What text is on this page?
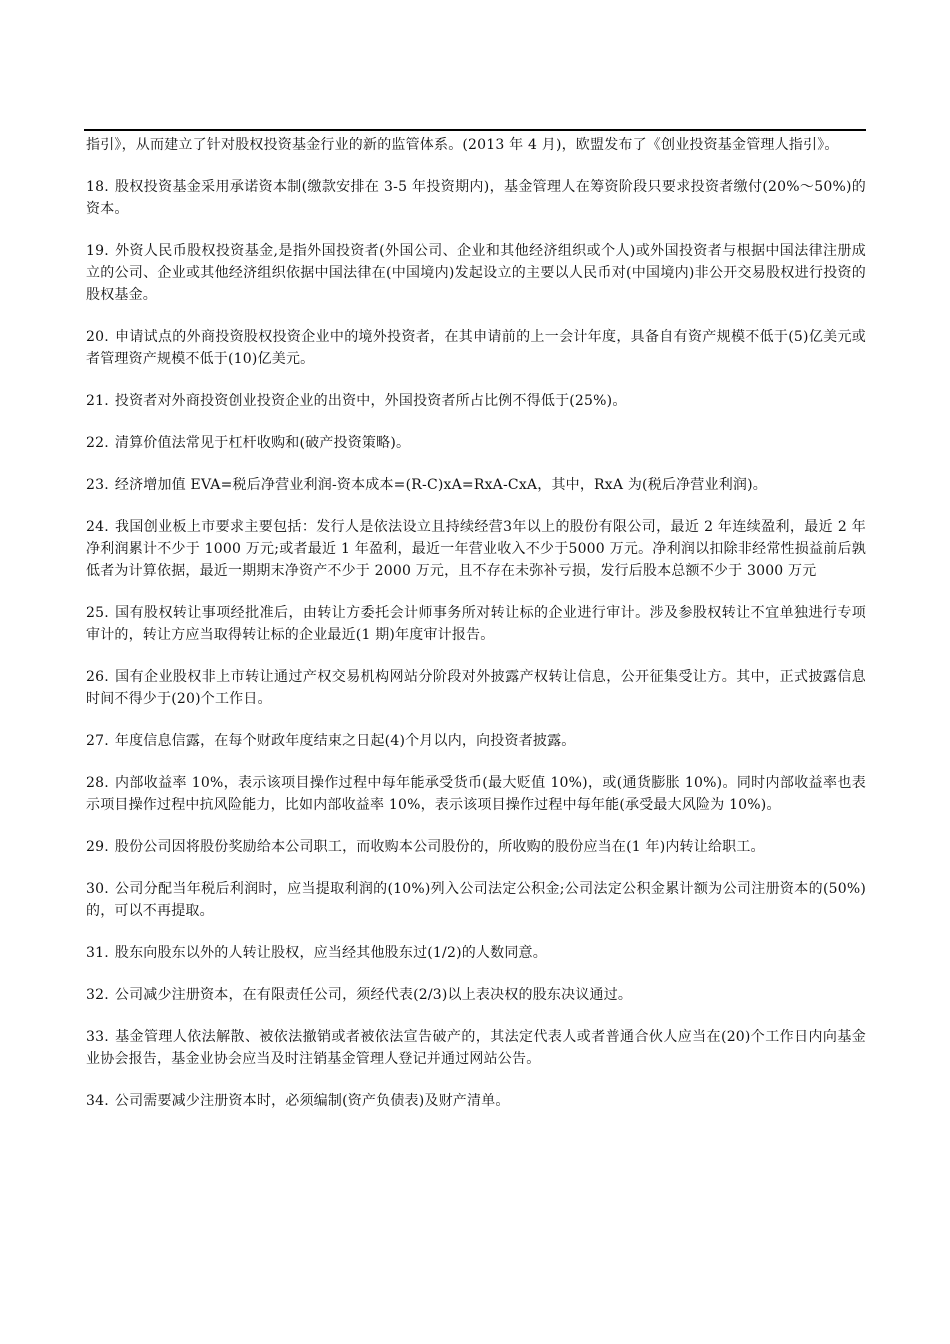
指引》，从而建立了针对股权投资基金行业的新的监管体系。(2013 年 4 月)，欧盟发布了《创业投资基金管理人指引》。

18. 股权投资基金采用承诺资本制(缴款安排在 3-5 年投资期内)，基金管理人在筹资阶段只要求投资者缴付(20%～50%)的资本。

19. 外资人民币股权投资基金,是指外国投资者(外国公司、企业和其他经济组织或个人)或外国投资者与根据中国法律注册成立的公司、企业或其他经济组织依据中国法律在(中国境内)发起设立的主要以人民币对(中国境内)非公开交易股权进行投资的股权基金。

20. 申请试点的外商投资股权投资企业中的境外投资者，在其申请前的上一会计年度，具备自有资产规模不低于(5)亿美元或者管理资产规模不低于(10)亿美元。

21. 投资者对外商投资创业投资企业的出资中，外国投资者所占比例不得低于(25%)。

22. 清算价值法常见于杠杆收购和(破产投资策略)。

23. 经济增加值 EVA=税后净营业利润-资本成本=(R-C)xA=RxA-CxA，其中，RxA 为(税后净营业利润)。

24. 我国创业板上市要求主要包括：发行人是依法设立且持续经营3年以上的股份有限公司，最近 2 年连续盈利，最近 2 年净利润累计不少于 1000 万元;或者最近 1 年盈利，最近一年营业收入不少于5000 万元。净利润以扣除非经常性损益前后孰低者为计算依据，最近一期期末净资产不少于 2000 万元，且不存在未弥补亏损，发行后股本总额不少于 3000 万元

25. 国有股权转让事项经批准后，由转让方委托会计师事务所对转让标的企业进行审计。涉及参股权转让不宜单独进行专项审计的，转让方应当取得转让标的企业最近(1 期)年度审计报告。

26. 国有企业股权非上市转让通过产权交易机构网站分阶段对外披露产权转让信息，公开征集受让方。其中，正式披露信息时间不得少于(20)个工作日。

27. 年度信息信露，在每个财政年度结束之日起(4)个月以内，向投资者披露。

28. 内部收益率 10%，表示该项目操作过程中每年能承受货币(最大贬值 10%)，或(通货膨胀 10%)。同时内部收益率也表示项目操作过程中抗风险能力，比如内部收益率 10%，表示该项目操作过程中每年能(承受最大风险为 10%)。

29. 股份公司因将股份奖励给本公司职工，而收购本公司股份的，所收购的股份应当在(1 年)内转让给职工。

30. 公司分配当年税后利润时，应当提取利润的(10%)列入公司法定公积金;公司法定公积金累计额为公司注册资本的(50%)的，可以不再提取。

31. 股东向股东以外的人转让股权，应当经其他股东过(1/2)的人数同意。

32. 公司减少注册资本，在有限责任公司，须经代表(2/3)以上表决权的股东决议通过。

33. 基金管理人依法解散、被依法撤销或者被依法宣告破产的，其法定代表人或者普通合伙人应当在(20)个工作日内向基金业协会报告，基金业协会应当及时注销基金管理人登记并通过网站公告。

34. 公司需要减少注册资本时，必须编制(资产负债表)及财产清单。
